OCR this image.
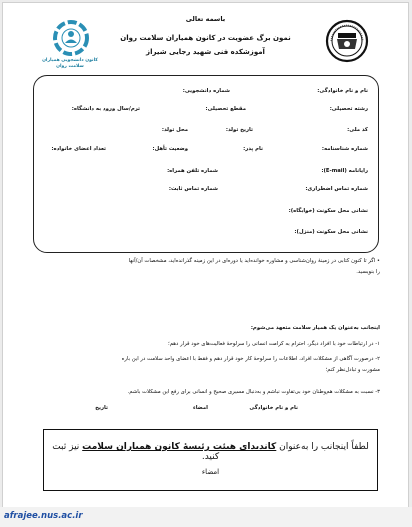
باسمه تعالی
نمون برگ عضویت در کانون همیاران سلامت روان
آموزشکده فنی شهید رجایی شیراز
کانون دانشجویی همیاران
سلامت روان
نام و نام خانوادگی:
شماره دانشجویی:
رشته تحصیلی:
مقطع تحصیلی:
ترم/سال ورود به دانشگاه:
کد ملی:
تاریخ تولد:
محل تولد:
شماره شناسنامه:
نام پدر:
وضعیت تأهل:
تعداد اعضای خانواده:
رایانامه (E-mail):
شماره تلفن همراه:
شماره تماس اضطراری:
شماره تماس ثابت:
نشانی محل سکونت (خوابگاه):
نشانی محل سکونت (منزل):
• اگر تا کنون کتابی در زمینهٔ روان‌شناسی و مشاوره خوانده‌اید یا دوره‌ای در این زمینه گذرانده‌اید، مشخصات آن/آنها
را بنویسید.
اینجانب به‌عنوان یک همیار سلامت متعهد می‌شوم:
۱- در ارتباطات خود با افراد دیگر، احترام به کرامت انسانی را سرلوحهٔ فعالیت‌های خود قرار دهم؛
۲- درصورت آگاهی از مشکلات افراد، اطلاعات را سرلوحهٔ کار خود قرار دهم و فقط با اعضای واحد سلامت در این باره
مشورت و تبادل‌نظر کنم؛
۳- نسبت به مشکلات هم‌وطنان خود بی‌تفاوت نباشم و به‌دنبال مسیری صحیح و انسانی برای رفع این مشکلات باشم.
نام و نام خانوادگی
امضاء
تاریخ
لطفاً اینجانب را به‌عنوان کاندیدای هیئت رئیسهٔ کانون همیاران سلامت نیز ثبت کنید.
امضاء
afrajee.nus.ac.ir
